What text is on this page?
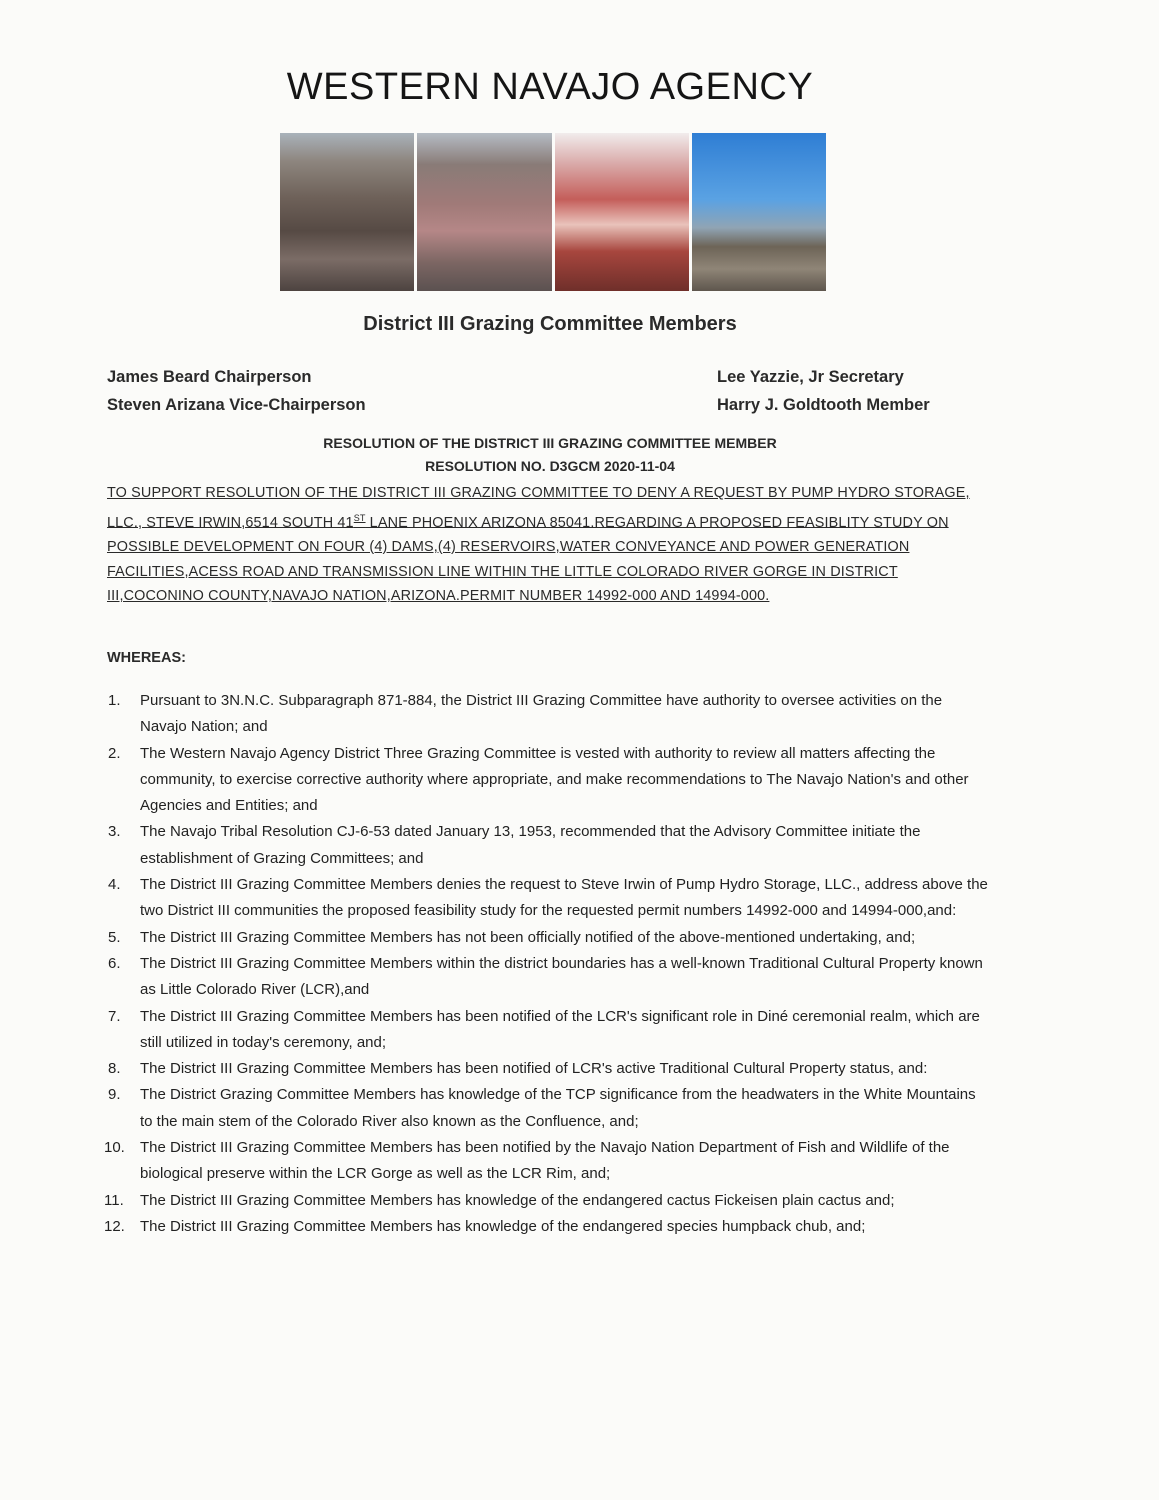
WESTERN NAVAJO AGENCY
District III Grazing Committee Members
James Beard Chairperson
Steven Arizana Vice-Chairperson
Lee Yazzie, Jr Secretary
Harry J. Goldtooth Member
RESOLUTION OF THE DISTRICT III GRAZING COMMITTEE MEMBER
RESOLUTION NO. D3GCM 2020-11-04
TO SUPPORT RESOLUTION OF THE DISTRICT III GRAZING COMMITTEE TO DENY A REQUEST BY PUMP HYDRO STORAGE, LLC., STEVE IRWIN,6514 SOUTH 41ST LANE PHOENIX ARIZONA 85041.REGARDING A PROPOSED FEASIBLITY STUDY ON POSSIBLE DEVELOPMENT ON FOUR (4) DAMS,(4) RESERVOIRS,WATER CONVEYANCE AND POWER GENERATION FACILITIES,ACESS ROAD AND TRANSMISSION LINE WITHIN THE LITTLE COLORADO RIVER GORGE IN DISTRICT III,COCONINO COUNTY,NAVAJO NATION,ARIZONA.PERMIT NUMBER 14992-000 AND 14994-000.
WHEREAS:
1.	Pursuant to 3N.N.C. Subparagraph 871-884, the District III Grazing Committee have authority to oversee activities on the Navajo Nation; and
2.	The Western Navajo Agency District Three Grazing Committee is vested with authority to review all matters affecting the community, to exercise corrective authority where appropriate, and make recommendations to The Navajo Nation's and other Agencies and Entities; and
3.	The Navajo Tribal Resolution CJ-6-53 dated January 13, 1953, recommended that the Advisory Committee initiate the establishment of Grazing Committees; and
4.	The District III Grazing Committee Members denies the request to Steve Irwin of Pump Hydro Storage, LLC., address above the two District III communities the proposed feasibility study for the requested permit numbers 14992-000 and 14994-000,and:
5.	The District III Grazing Committee Members has not been officially notified of the above-mentioned undertaking, and;
6.	The District III Grazing Committee Members within the district boundaries has a well-known Traditional Cultural Property known as Little Colorado River (LCR),and
7.	The District III Grazing Committee Members has been notified of the LCR's significant role in Diné ceremonial realm, which are still utilized in today's ceremony, and;
8.	The District III Grazing Committee Members has been notified of LCR's active Traditional Cultural Property status, and:
9.	The District Grazing Committee Members has knowledge of the TCP significance from the headwaters in the White Mountains to the main stem of the Colorado River also known as the Confluence, and;
10.	The District III Grazing Committee Members has been notified by the Navajo Nation Department of Fish and Wildlife of the biological preserve within the LCR Gorge as well as the LCR Rim, and;
11.	The District III Grazing Committee Members has knowledge of the endangered cactus Fickeisen plain cactus and;
12.	The District III Grazing Committee Members has knowledge of the endangered species humpback chub, and;
